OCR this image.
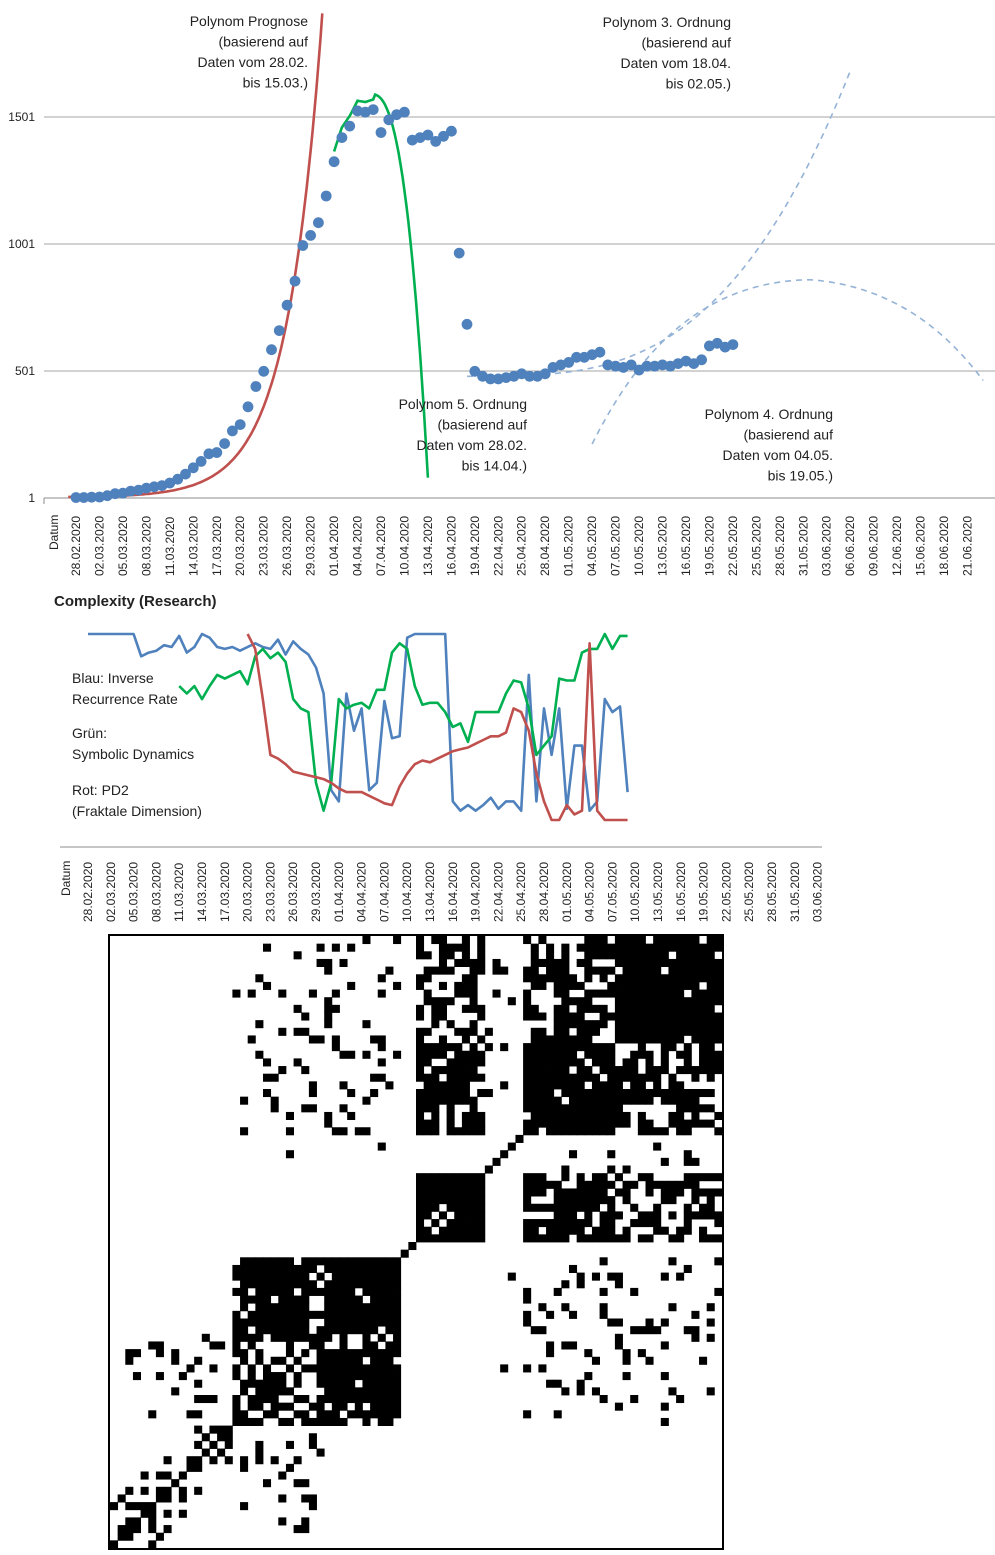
1
501
1001
1501
Datum 28.02.2020 02.03.2020 05.03.2020 08.03.2020 11.03.2020 14.03.2020 17.03.2020 20.03.2020 23.03.2020 26.03.2020 29.03.2020 01.04.2020 04.04.2020 07.04.2020 10.04.2020 13.04.2020 16.04.2020 19.04.2020 22.04.2020 25.04.2020 28.04.2020 01.05.2020 04.05.2020 07.05.2020 10.05.2020 13.05.2020 16.05.2020 19.05.2020 22.05.2020 25.05.2020 28.05.2020 31.05.2020 03.06.2020 06.06.2020 09.06.2020 12.06.2020 15.06.2020 18.06.2020 21.06.2020
Polynom Prognose
(basierend auf
Daten vom 28.02.
bis 15.03.)
Polynom 3. Ordnung
(basierend auf
Daten vom 18.04.
bis 02.05.)
Polynom 5. Ordnung
(basierend auf
Daten vom 28.02.
bis 14.04.)
Polynom 4. Ordnung
(basierend auf
Daten vom 04.05.
bis 19.05.)
Complexity (Research)
Blau: Inverse
Recurrence Rate
Grün:
Symbolic Dynamics
Rot: PD2
(Fraktale Dimension)
Datum 28.02.2020 02.03.2020 05.03.2020 08.03.2020 11.03.2020 14.03.2020 17.03.2020 20.03.2020 23.03.2020 26.03.2020 29.03.2020 01.04.2020 04.04.2020 07.04.2020 10.04.2020 13.04.2020 16.04.2020 19.04.2020 22.04.2020 25.04.2020 28.04.2020 01.05.2020 04.05.2020 07.05.2020 10.05.2020 13.05.2020 16.05.2020 19.05.2020 22.05.2020 25.05.2020 28.05.2020 31.05.2020 03.06.2020
